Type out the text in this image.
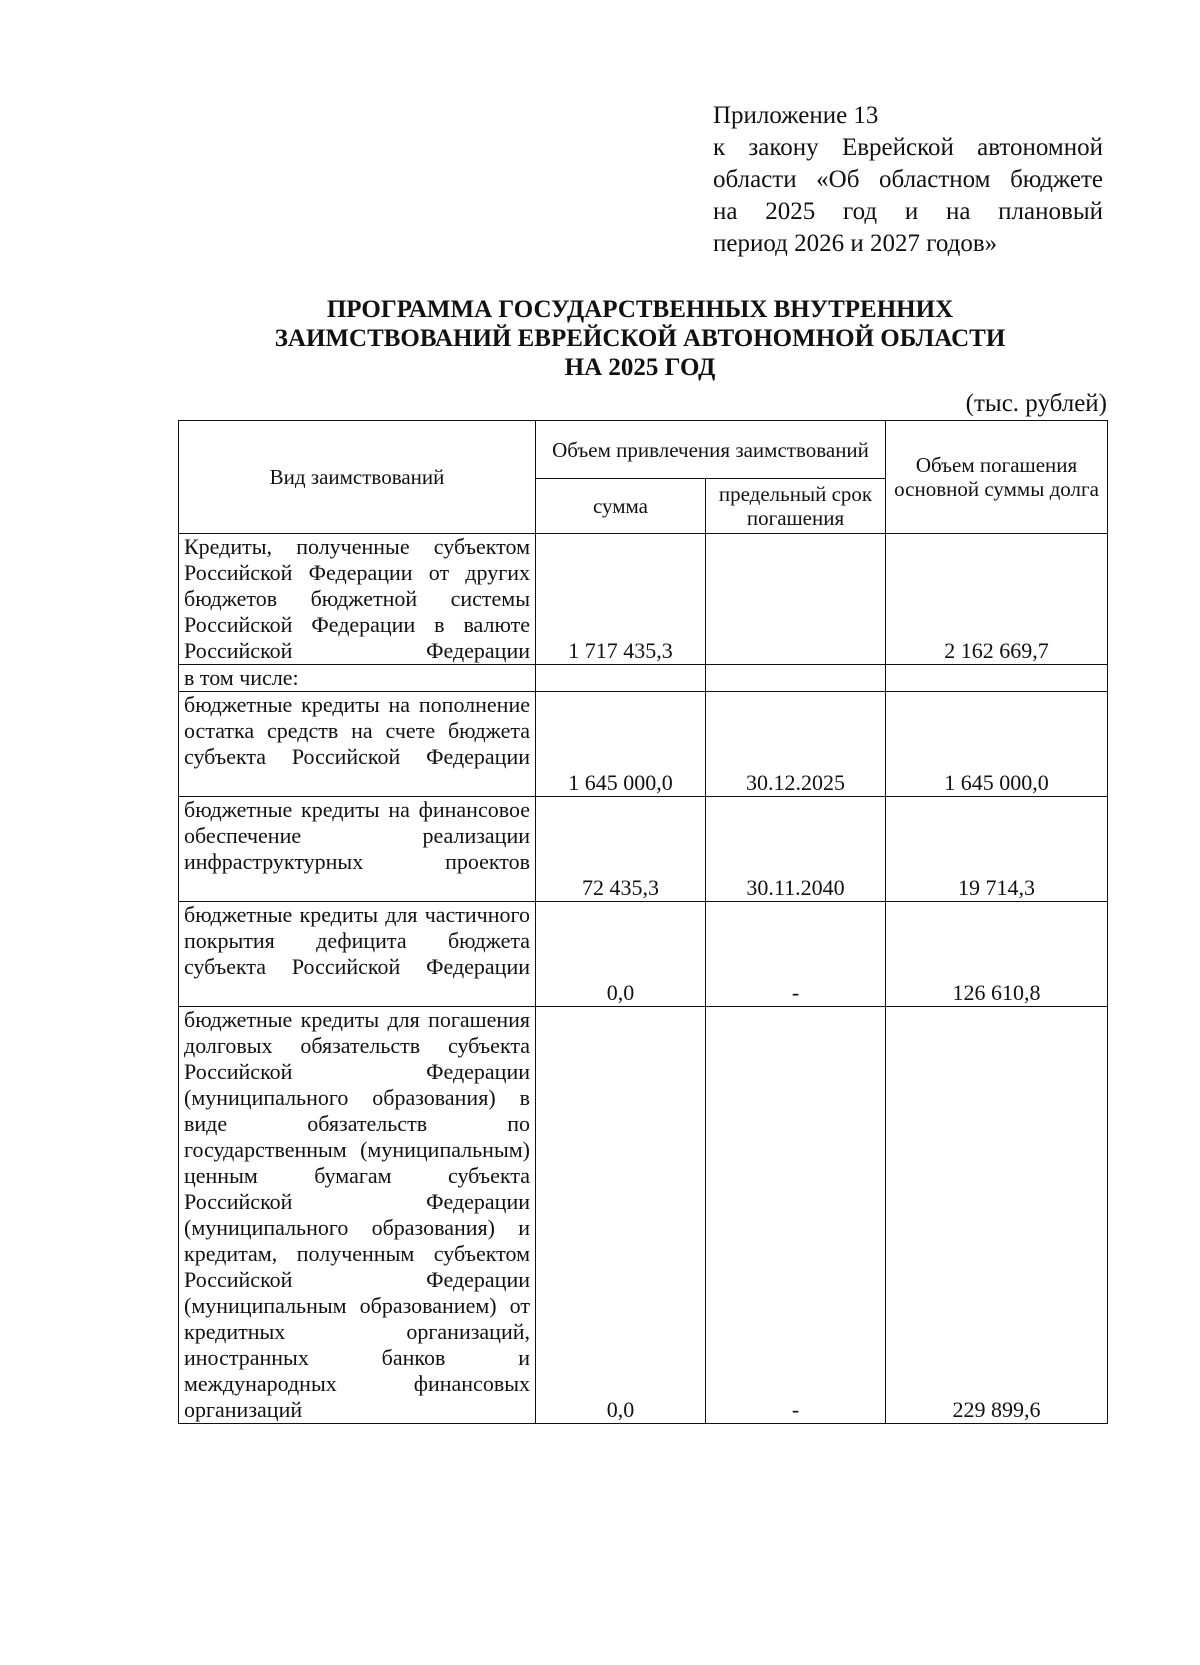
Приложение 13
к закону Еврейской автономной
области «Об областном бюджете
на 2025 год и на плановый
период 2026 и 2027 годов»
ПРОГРАММА ГОСУДАРСТВЕННЫХ ВНУТРЕННИХ
ЗАИМСТВОВАНИЙ ЕВРЕЙСКОЙ АВТОНОМНОЙ ОБЛАСТИ
НА 2025 ГОД
(тыс. рублей)
Вид заимствований	Объем привлечения заимствований		Объем погашения основной суммы долга
	сумма	предельный срок погашения	
Кредиты, полученные субъектом Российской Федерации от других бюджетов бюджетной системы Российской Федерации в валюте Российской Федерации	1 717 435,3		2 162 669,7
в том числе:			
бюджетные кредиты на пополнение остатка средств на счете бюджета субъекта Российской Федерации	1 645 000,0	30.12.2025	1 645 000,0
бюджетные кредиты на финансовое обеспечение реализации инфраструктурных проектов	72 435,3	30.11.2040	19 714,3
бюджетные кредиты для частичного покрытия дефицита бюджета субъекта Российской Федерации	0,0	-	126 610,8
бюджетные кредиты для погашения долговых обязательств субъекта Российской Федерации (муниципального образования) в виде обязательств по государственным (муниципальным) ценным бумагам субъекта Российской Федерации (муниципального образования) и кредитам, полученным субъектом Российской Федерации (муниципальным образованием) от кредитных организаций, иностранных банков и международных финансовых организаций	0,0	-	229 899,6
